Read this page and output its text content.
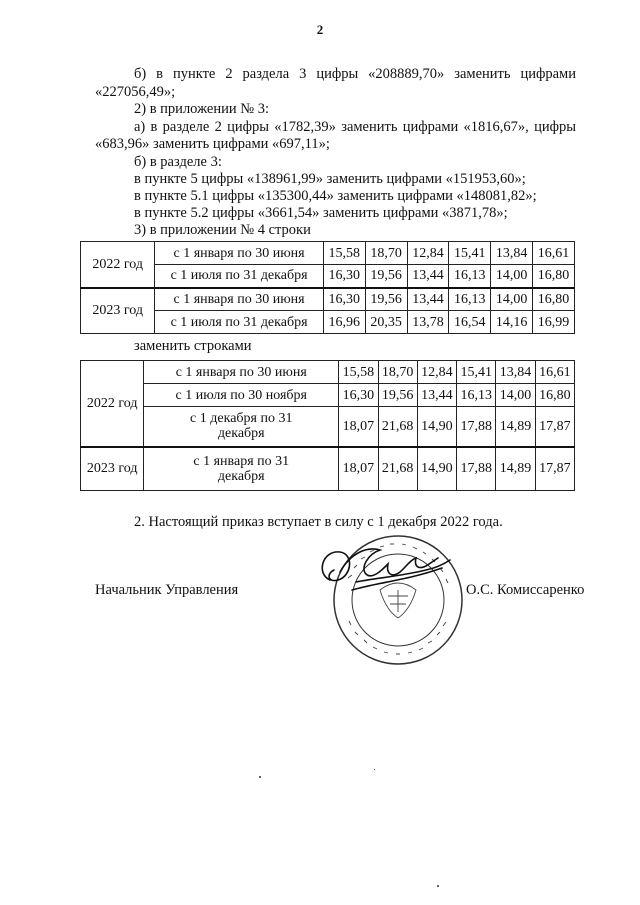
2
б) в пункте 2 раздела 3 цифры «208889,70» заменить цифрами
«227056,49»;
2) в приложении № 3:
а) в разделе 2 цифры «1782,39» заменить цифрами «1816,67», цифры
«683,96» заменить цифрами «697,11»;
б) в разделе 3:
в пункте 5 цифры «138961,99» заменить цифрами «151953,60»;
в пункте 5.1 цифры «135300,44» заменить цифрами «148081,82»;
в пункте 5.2 цифры «3661,54» заменить цифрами «3871,78»;
3) в приложении № 4 строки
2022 год	с 1 января по 30 июня	15,58	18,70	12,84	15,41	13,84	16,61
	с 1 июля по 31 декабря	16,30	19,56	13,44	16,13	14,00	16,80
2023 год	с 1 января по 30 июня	16,30	19,56	13,44	16,13	14,00	16,80
	с 1 июля по 31 декабря	16,96	20,35	13,78	16,54	14,16	16,99
заменить строками
2022 год	с 1 января по 30 июня	15,58	18,70	12,84	15,41	13,84	16,61
	с 1 июля по 30 ноября	16,30	19,56	13,44	16,13	14,00	16,80
	с 1 декабря по 31 декабря	18,07	21,68	14,90	17,88	14,89	17,87
2023 год	с 1 января по 31 декабря	18,07	21,68	14,90	17,88	14,89	17,87
2. Настоящий приказ вступает в силу с 1 декабря 2022 года.
Начальник Управления	О.С. Комиссаренко
